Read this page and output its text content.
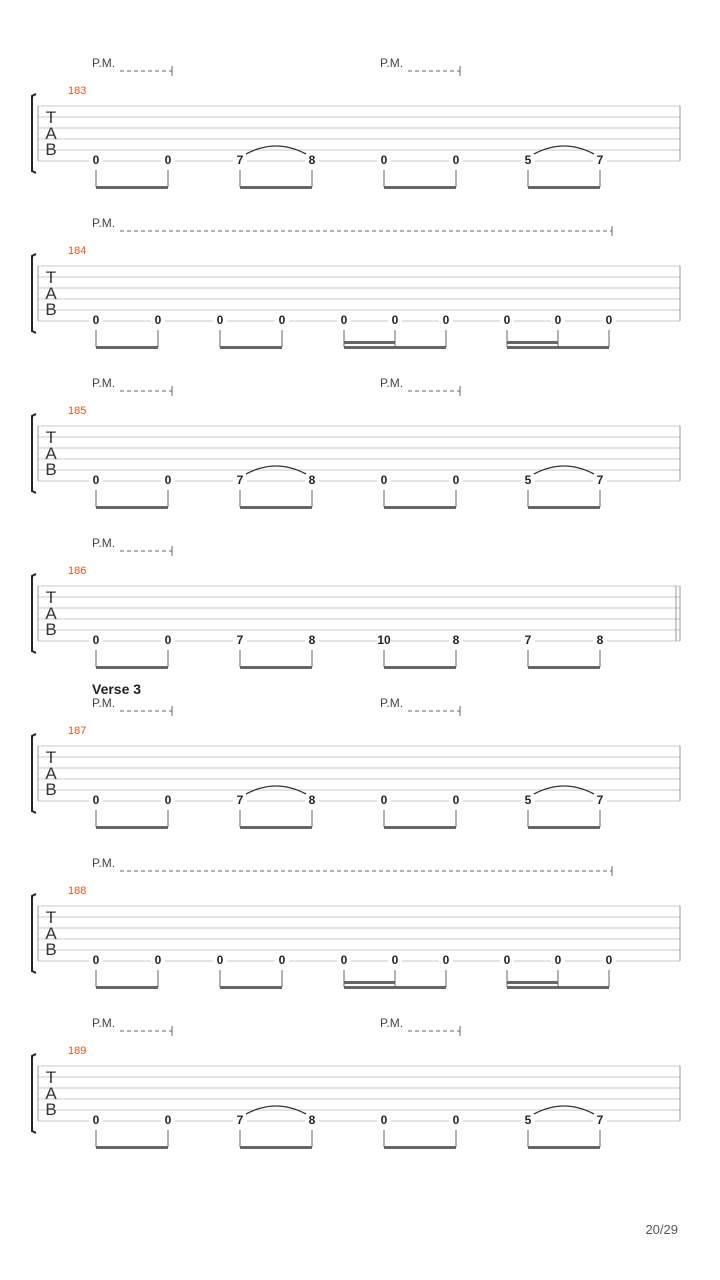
T
A
B
183
P.M.	P.M.
0	0	7	8	0	0	5	7
T
A
B
184
P.M.
0	0	0	0	0	0	0	0	0	0
T
A
B
185
P.M.	P.M.
0	0	7	8	0	0	5	7
T
A
B
186
P.M.
0	0	7	8	10	8	7	8
T
A
B
187
Verse 3
P.M.	P.M.
0	0	7	8	0	0	5	7
T
A
B
188
P.M.
0	0	0	0	0	0	0	0	0	0
T
A
B
189
P.M.	P.M.
0	0	7	8	0	0	5	7
20/29
